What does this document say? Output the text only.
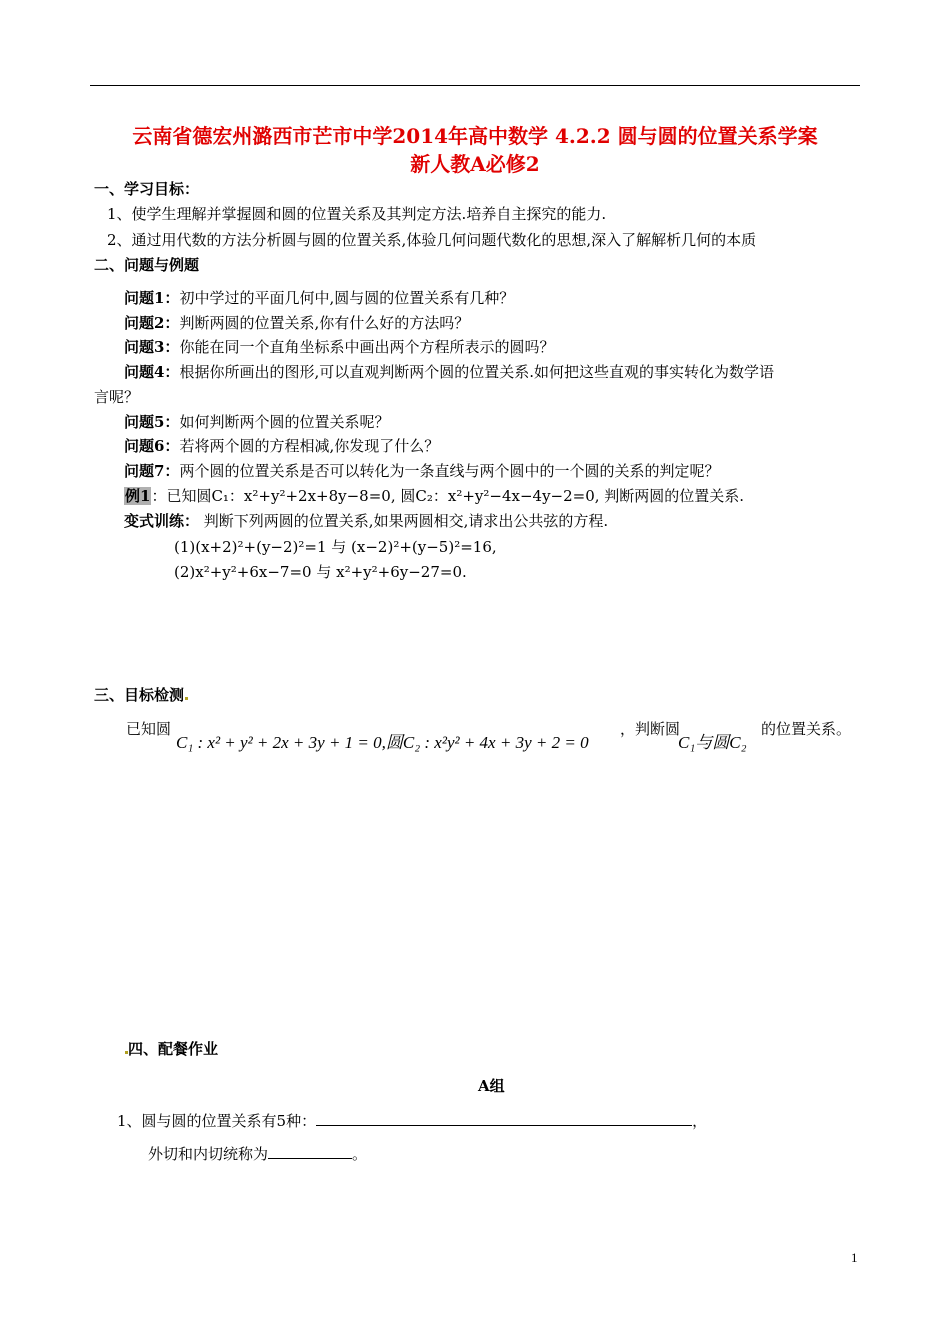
云南省德宏州潞西市芒市中学2014年高中数学 4.2.2 圆与圆的位置关系学案
新人教A必修2
一、学习目标：
1、使学生理解并掌握圆和圆的位置关系及其判定方法.培养自主探究的能力.
2、通过用代数的方法分析圆与圆的位置关系,体验几何问题代数化的思想,深入了解解析几何的本质
二、问题与例题
问题1：初中学过的平面几何中,圆与圆的位置关系有几种？
问题2：判断两圆的位置关系,你有什么好的方法吗？
问题3：你能在同一个直角坐标系中画出两个方程所表示的圆吗？
问题4：根据你所画出的图形,可以直观判断两个圆的位置关系.如何把这些直观的事实转化为数学语
言呢？
问题5：如何判断两个圆的位置关系呢？
问题6：若将两个圆的方程相减,你发现了什么？
问题7：两个圆的位置关系是否可以转化为一条直线与两个圆中的一个圆的关系的判定呢？
例1：已知圆C₁：x²+y²+2x+8y−8=0, 圆C₂：x²+y²−4x−4y−2=0, 判断两圆的位置关系.
变式训练： 判断下列两圆的位置关系,如果两圆相交,请求出公共弦的方程.
(1)(x+2)²+(y−2)²=1 与 (x−2)²+(y−5)²=16,
(2)x²+y²+6x−7=0 与 x²+y²+6y−27=0.
三、目标检测
已知圆
C₁ : x² + y² + 2x + 3y + 1 = 0,圆C₂ : x²y² + 4x + 3y + 2 = 0
，判断圆
C₁与圆C₂
的位置关系。
四、配餐作业
A组
1、圆与圆的位置关系有5种：	，
外切和内切统称为	。
1
